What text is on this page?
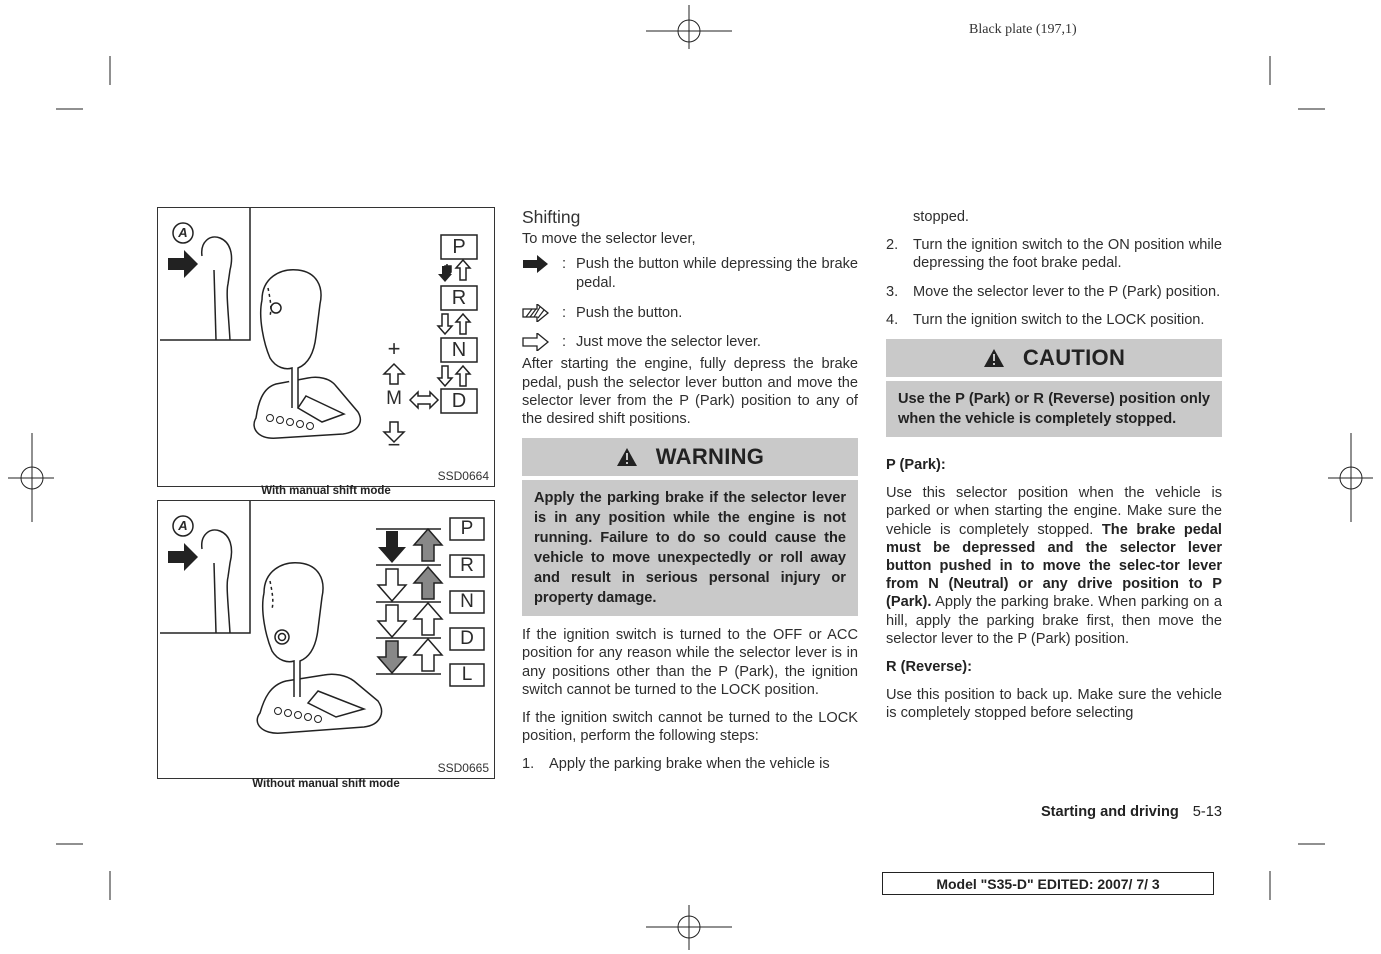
Black plate (197,1)
A
P
R
N
D
+
M
−
SSD0664
With manual shift mode
A	P
R
N
D
L
SSD0665
Without manual shift mode
Shifting

To move the selector lever,

: Push the button while depressing the brake pedal.
: Push the button.
: Just move the selector lever.

After starting the engine, fully depress the brake pedal, push the selector lever button and move the selector lever from the P (Park) position to any of the desired shift positions.

WARNING
Apply the parking brake if the selector lever is in any position while the engine is not running. Failure to do so could cause the vehicle to move unexpectedly or roll away and result in serious personal injury or property damage.

If the ignition switch is turned to the OFF or ACC position for any reason while the selector lever is in any positions other than the P (Park), the ignition switch cannot be turned to the LOCK position.

If the ignition switch cannot be turned to the LOCK position, perform the following steps:

1.	Apply the parking brake when the vehicle is
stopped.
2.	Turn the ignition switch to the ON position while depressing the foot brake pedal.
3.	Move the selector lever to the P (Park) position.
4.	Turn the ignition switch to the LOCK position.
CAUTION
Use the P (Park) or R (Reverse) position only when the vehicle is completely stopped.

P (Park):

Use this selector position when the vehicle is parked or when starting the engine. Make sure the vehicle is completely stopped. The brake pedal must be depressed and the selector lever button pushed in to move the selec-tor lever from N (Neutral) or any drive position to P (Park). Apply the parking brake. When parking on a hill, apply the parking brake first, then move the selector lever to the P (Park) position.

R (Reverse):

Use this position to back up. Make sure the vehicle is completely stopped before selecting

Starting and driving 5-13
Model "S35-D" EDITED: 2007/ 7/ 3
